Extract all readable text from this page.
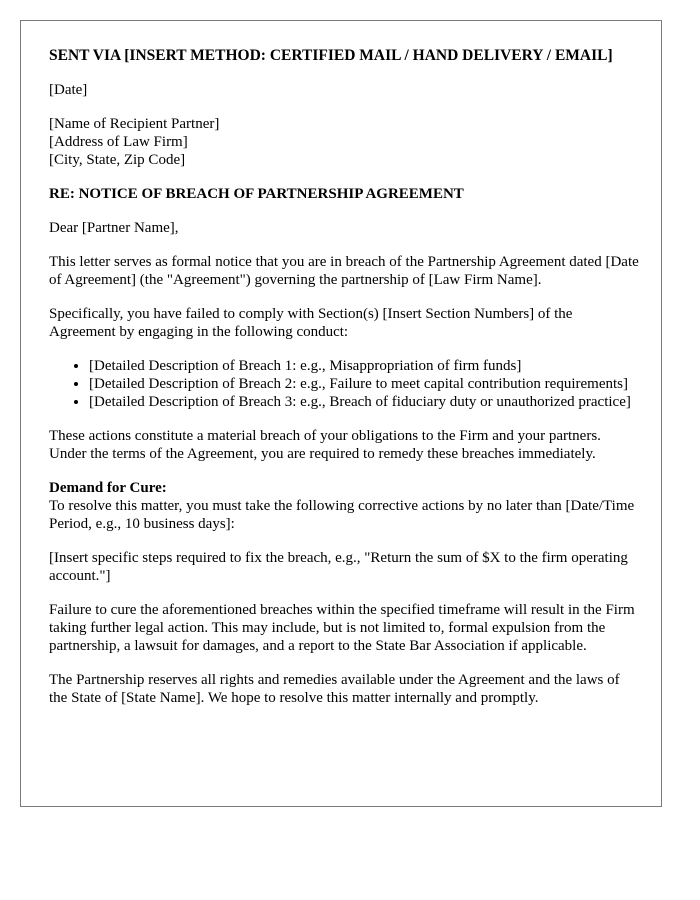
SENT VIA [INSERT METHOD: CERTIFIED MAIL / HAND DELIVERY / EMAIL]

[Date]

[Name of Recipient Partner]
[Address of Law Firm]
[City, State, Zip Code]

RE: NOTICE OF BREACH OF PARTNERSHIP AGREEMENT

Dear [Partner Name],

This letter serves as formal notice that you are in breach of the Partnership Agreement dated [Date of Agreement] (the "Agreement") governing the partnership of [Law Firm Name].

Specifically, you have failed to comply with Section(s) [Insert Section Numbers] of the Agreement by engaging in the following conduct:

• [Detailed Description of Breach 1: e.g., Misappropriation of firm funds]
• [Detailed Description of Breach 2: e.g., Failure to meet capital contribution requirements]
• [Detailed Description of Breach 3: e.g., Breach of fiduciary duty or unauthorized practice]

These actions constitute a material breach of your obligations to the Firm and your partners. Under the terms of the Agreement, you are required to remedy these breaches immediately.

Demand for Cure:
To resolve this matter, you must take the following corrective actions by no later than [Date/Time Period, e.g., 10 business days]:

[Insert specific steps required to fix the breach, e.g., "Return the sum of $X to the firm operating account."]

Failure to cure the aforementioned breaches within the specified timeframe will result in the Firm taking further legal action. This may include, but is not limited to, formal expulsion from the partnership, a lawsuit for damages, and a report to the State Bar Association if applicable.

The Partnership reserves all rights and remedies available under the Agreement and the laws of the State of [State Name]. We hope to resolve this matter internally and promptly.
